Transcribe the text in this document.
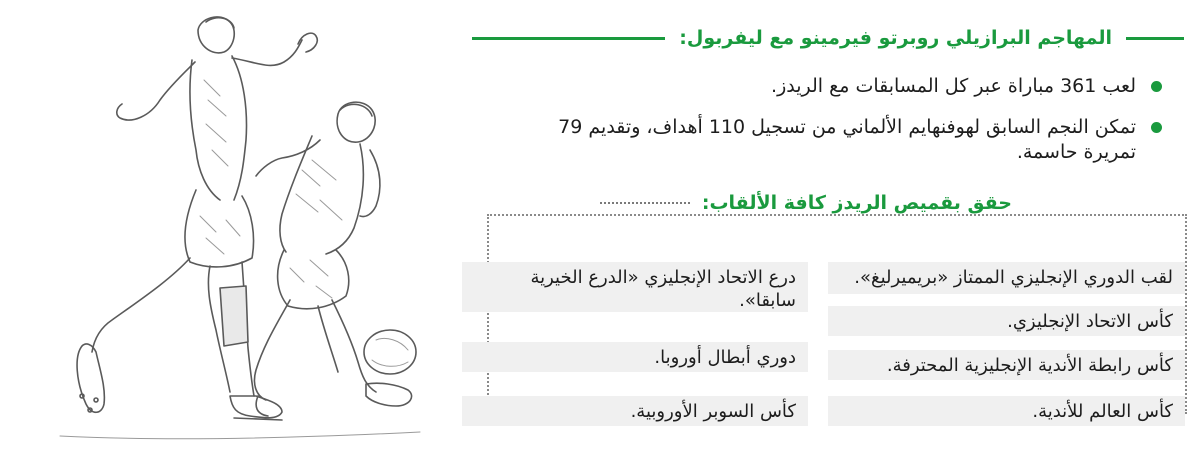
المهاجم البرازيلي روبرتو فيرمينو مع ليفربول:
لعب 361 مباراة عبر كل المسابقات مع الريدز.
تمكن النجم السابق لهوفنهايم الألماني من تسجيل 110 أهداف، وتقديم 79 تمريرة حاسمة.
حقق بقميص الريدز كافة الألقاب:
لقب الدوري الإنجليزي الممتاز «بريميرليغ».
كأس الاتحاد الإنجليزي.
كأس رابطة الأندية الإنجليزية المحترفة.
كأس العالم للأندية.
درع الاتحاد الإنجليزي «الدرع الخيرية سابقا».
دوري أبطال أوروبا.
كأس السوبر الأوروبية.
